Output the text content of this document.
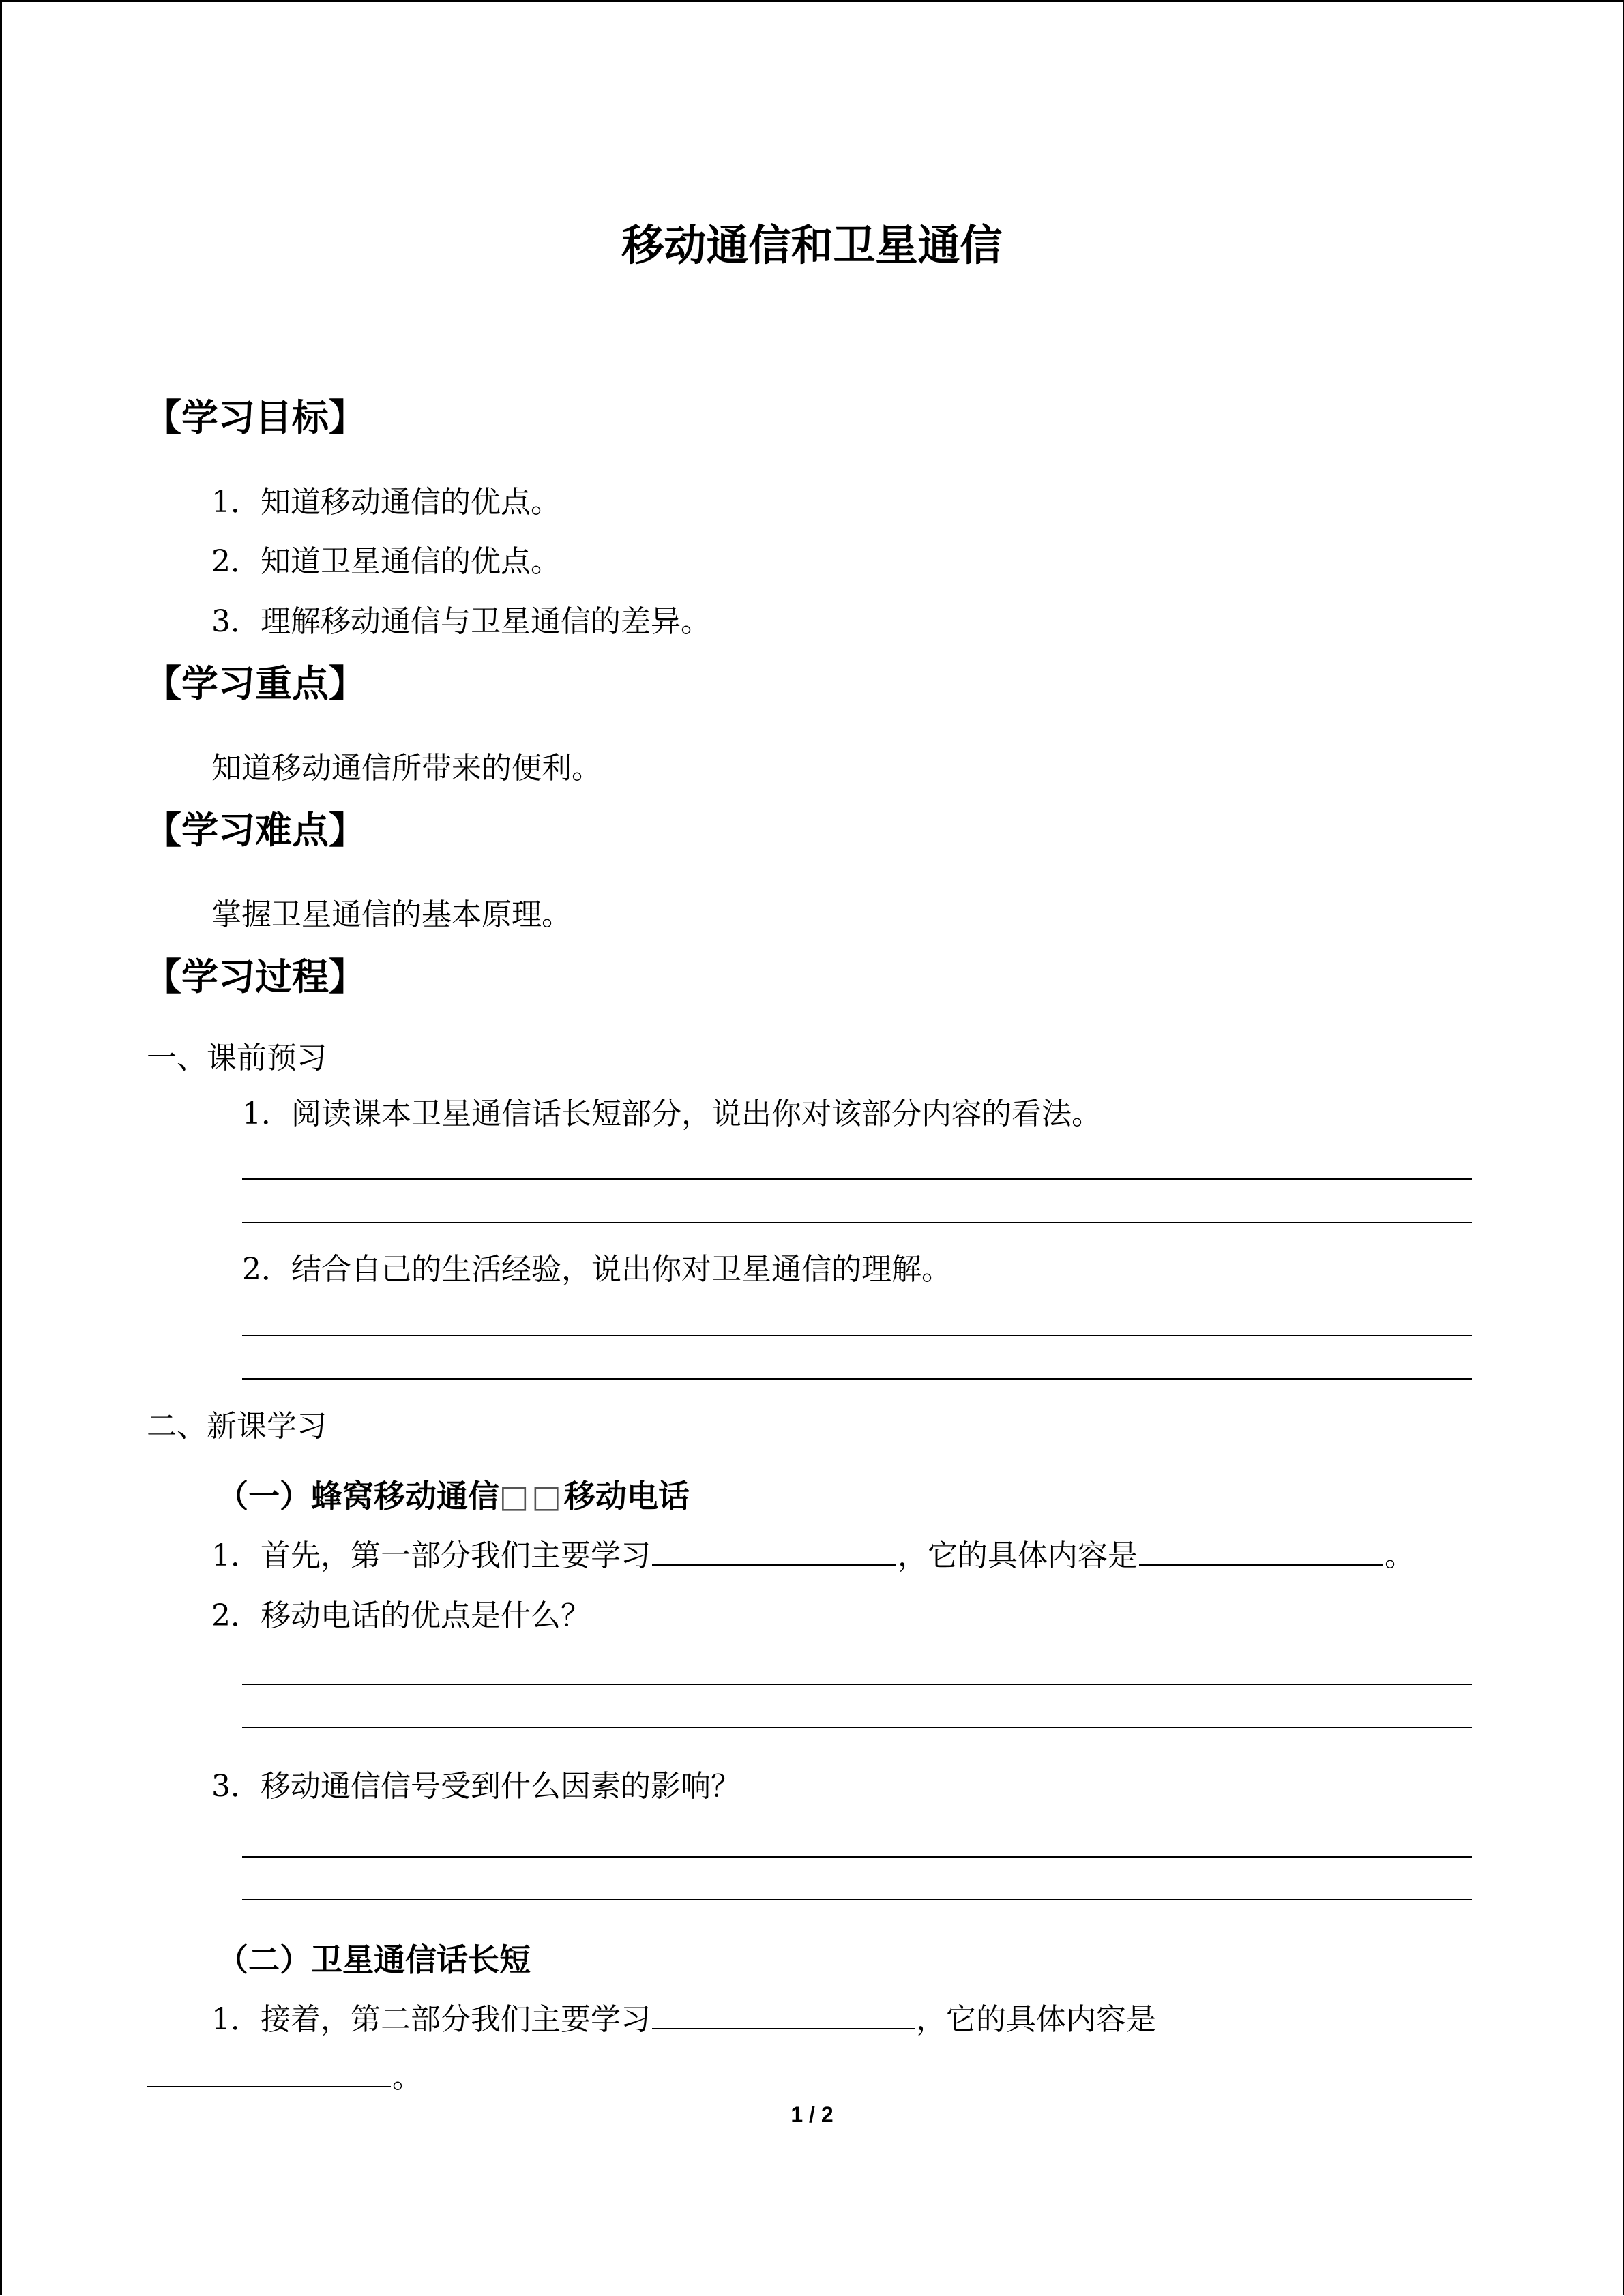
移动通信和卫星通信
【学习目标】
1．知道移动通信的优点。
2．知道卫星通信的优点。
3．理解移动通信与卫星通信的差异。
【学习重点】
知道移动通信所带来的便利。
【学习难点】
掌握卫星通信的基本原理。
【学习过程】
一、课前预习
1．阅读课本卫星通信话长短部分，说出你对该部分内容的看法。
2．结合自己的生活经验，说出你对卫星通信的理解。
二、新课学习
（一）蜂窝移动通信□□移动电话
1．首先，第一部分我们主要学习	，它的具体内容是	。
2．移动电话的优点是什么？
3．移动通信信号受到什么因素的影响？
（二）卫星通信话长短
1．接着，第二部分我们主要学习	，它的具体内容是
。
1 / 2
